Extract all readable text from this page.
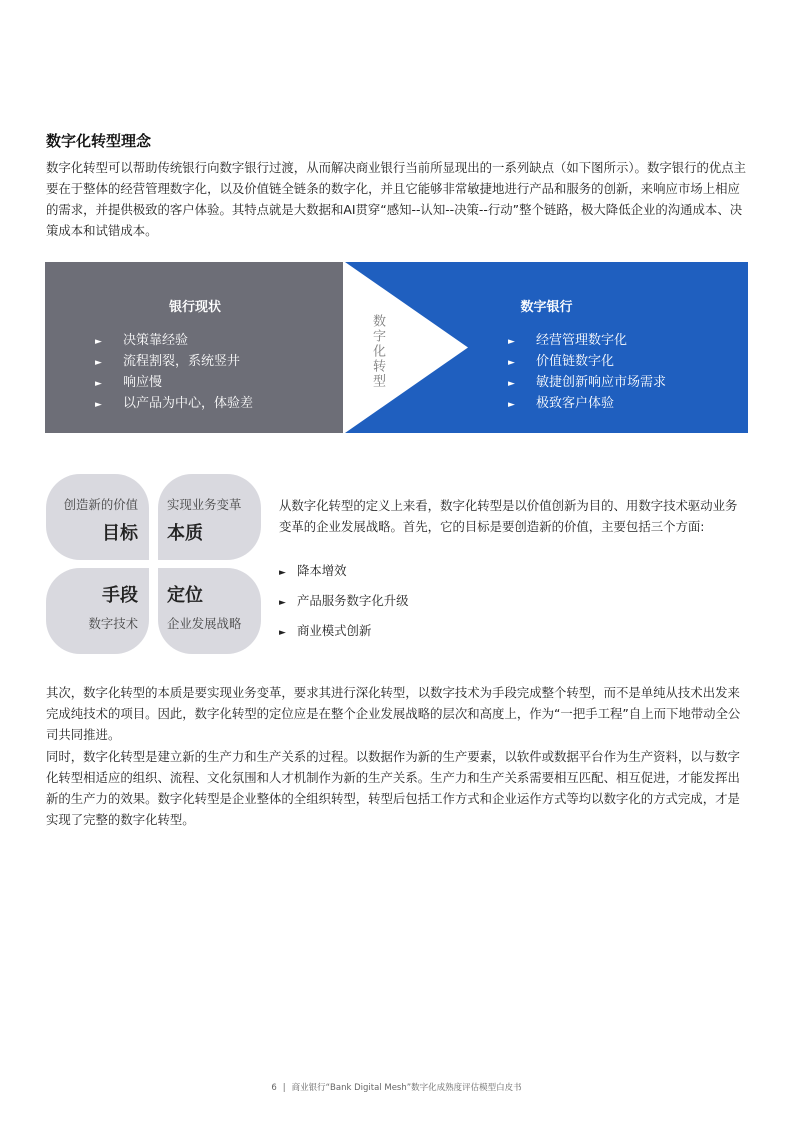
数字化转型理念

数字化转型可以帮助传统银行向数字银行过渡，从而解决商业银行当前所显现出的一系列缺点（如下图所示）。数字银行的优点主要在于整体的经营管理数字化，以及价值链全链条的数字化，并且它能够非常敏捷地进行产品和服务的创新，来响应市场上相应的需求，并提供极致的客户体验。其特点就是大数据和AI贯穿“感知--认知--决策--行动”整个链路，极大降低企业的沟通成本、决策成本和试错成本。

银行现状
► 决策靠经验
► 流程割裂，系统竖井
► 响应慢
► 以产品为中心，体验差
数字银行
► 经营管理数字化
► 价值链数字化
► 敏捷创新响应市场需求
► 极致客户体验
数字化转型
创造新的价值
目标
实现业务变革
本质
手段
数字技术
定位
企业发展战略

从数字化转型的定义上来看，数字化转型是以价值创新为目的、用数字技术驱动业务变革的企业发展战略。首先，它的目标是要创造新的价值，主要包括三个方面:

► 降本增效
► 产品服务数字化升级
► 商业模式创新

其次，数字化转型的本质是要实现业务变革，要求其进行深化转型，以数字技术为手段完成整个转型，而不是单纯从技术出发来完成纯技术的项目。因此，数字化转型的定位应是在整个企业发展战略的层次和高度上，作为“一把手工程”自上而下地带动全公司共同推进。

同时，数字化转型是建立新的生产力和生产关系的过程。以数据作为新的生产要素，以软件或数据平台作为生产资料，以与数字化转型相适应的组织、流程、文化氛围和人才机制作为新的生产关系。生产力和生产关系需要相互匹配、相互促进，才能发挥出新的生产力的效果。数字化转型是企业整体的全组织转型，转型后包括工作方式和企业运作方式等均以数字化的方式完成，才是实现了完整的数字化转型。

6 | 商业银行“Bank Digital Mesh”数字化成熟度评估模型白皮书
